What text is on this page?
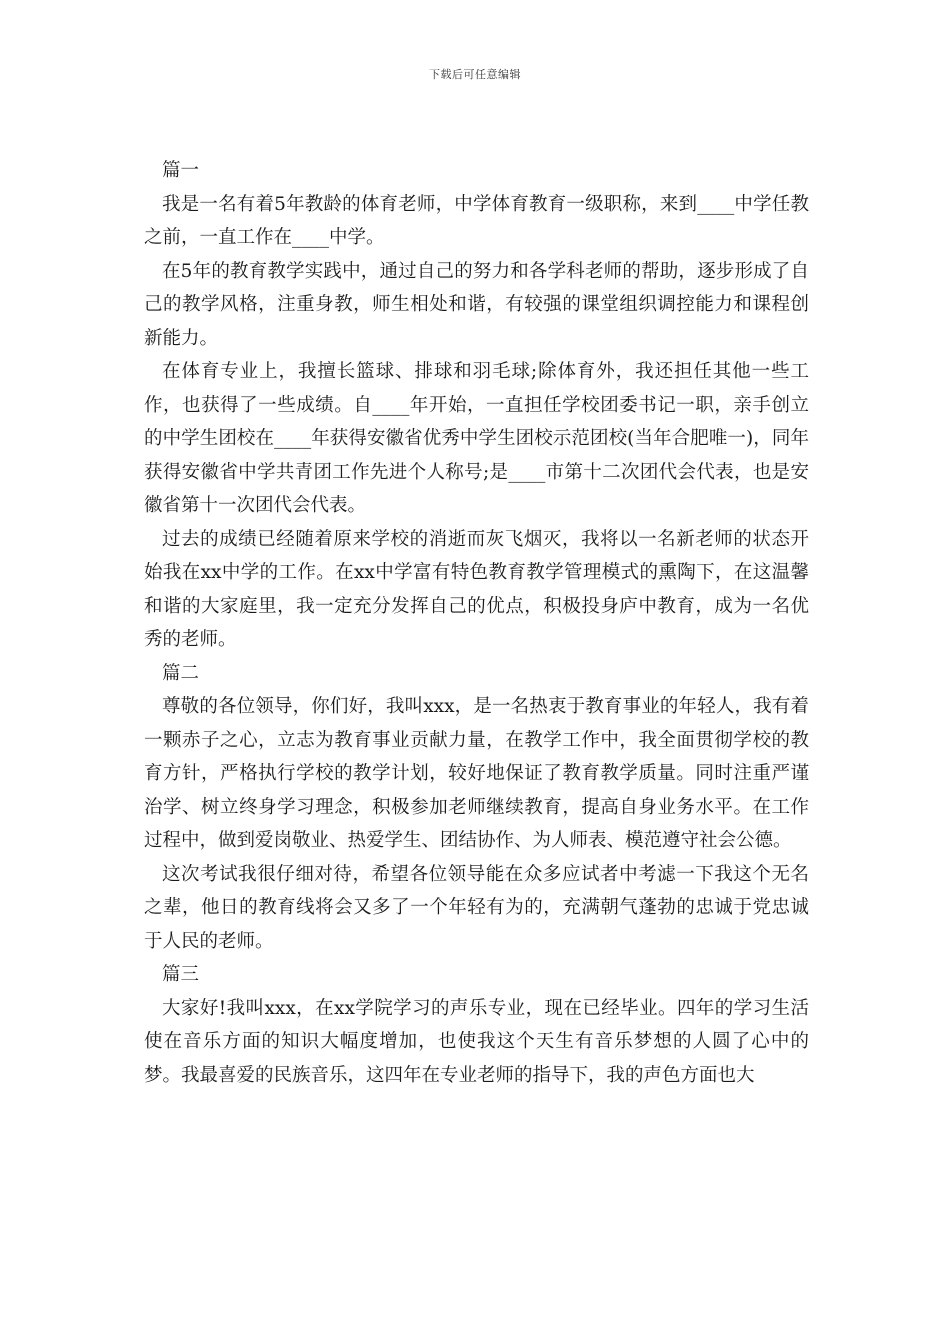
下载后可任意编辑

篇一

我是一名有着5年教龄的体育老师，中学体育教育一级职称，来到____中学任教之前，一直工作在____中学。

在5年的教育教学实践中，通过自己的努力和各学科老师的帮助，逐步形成了自己的教学风格，注重身教，师生相处和谐，有较强的课堂组织调控能力和课程创新能力。

在体育专业上，我擅长篮球、排球和羽毛球;除体育外，我还担任其他一些工作，也获得了一些成绩。自____年开始，一直担任学校团委书记一职，亲手创立的中学生团校在____年获得安徽省优秀中学生团校示范团校(当年合肥唯一)，同年获得安徽省中学共青团工作先进个人称号;是____市第十二次团代会代表，也是安徽省第十一次团代会代表。

过去的成绩已经随着原来学校的消逝而灰飞烟灭，我将以一名新老师的状态开始我在xx中学的工作。在xx中学富有特色教育教学管理模式的熏陶下，在这温馨和谐的大家庭里，我一定充分发挥自己的优点，积极投身庐中教育，成为一名优秀的老师。

篇二

尊敬的各位领导，你们好，我叫xxx，是一名热衷于教育事业的年轻人，我有着一颗赤子之心，立志为教育事业贡献力量，在教学工作中，我全面贯彻学校的教育方针，严格执行学校的教学计划，较好地保证了教育教学质量。同时注重严谨治学、树立终身学习理念，积极参加老师继续教育，提高自身业务水平。在工作过程中，做到爱岗敬业、热爱学生、团结协作、为人师表、模范遵守社会公德。

这次考试我很仔细对待，希望各位领导能在众多应试者中考滤一下我这个无名之辈，他日的教育线将会又多了一个年轻有为的，充满朝气蓬勃的忠诚于党忠诚于人民的老师。

篇三

大家好!我叫xxx，在xx学院学习的声乐专业，现在已经毕业。四年的学习生活使在音乐方面的知识大幅度增加，也使我这个天生有音乐梦想的人圆了心中的梦。我最喜爱的民族音乐，这四年在专业老师的指导下，我的声色方面也大
